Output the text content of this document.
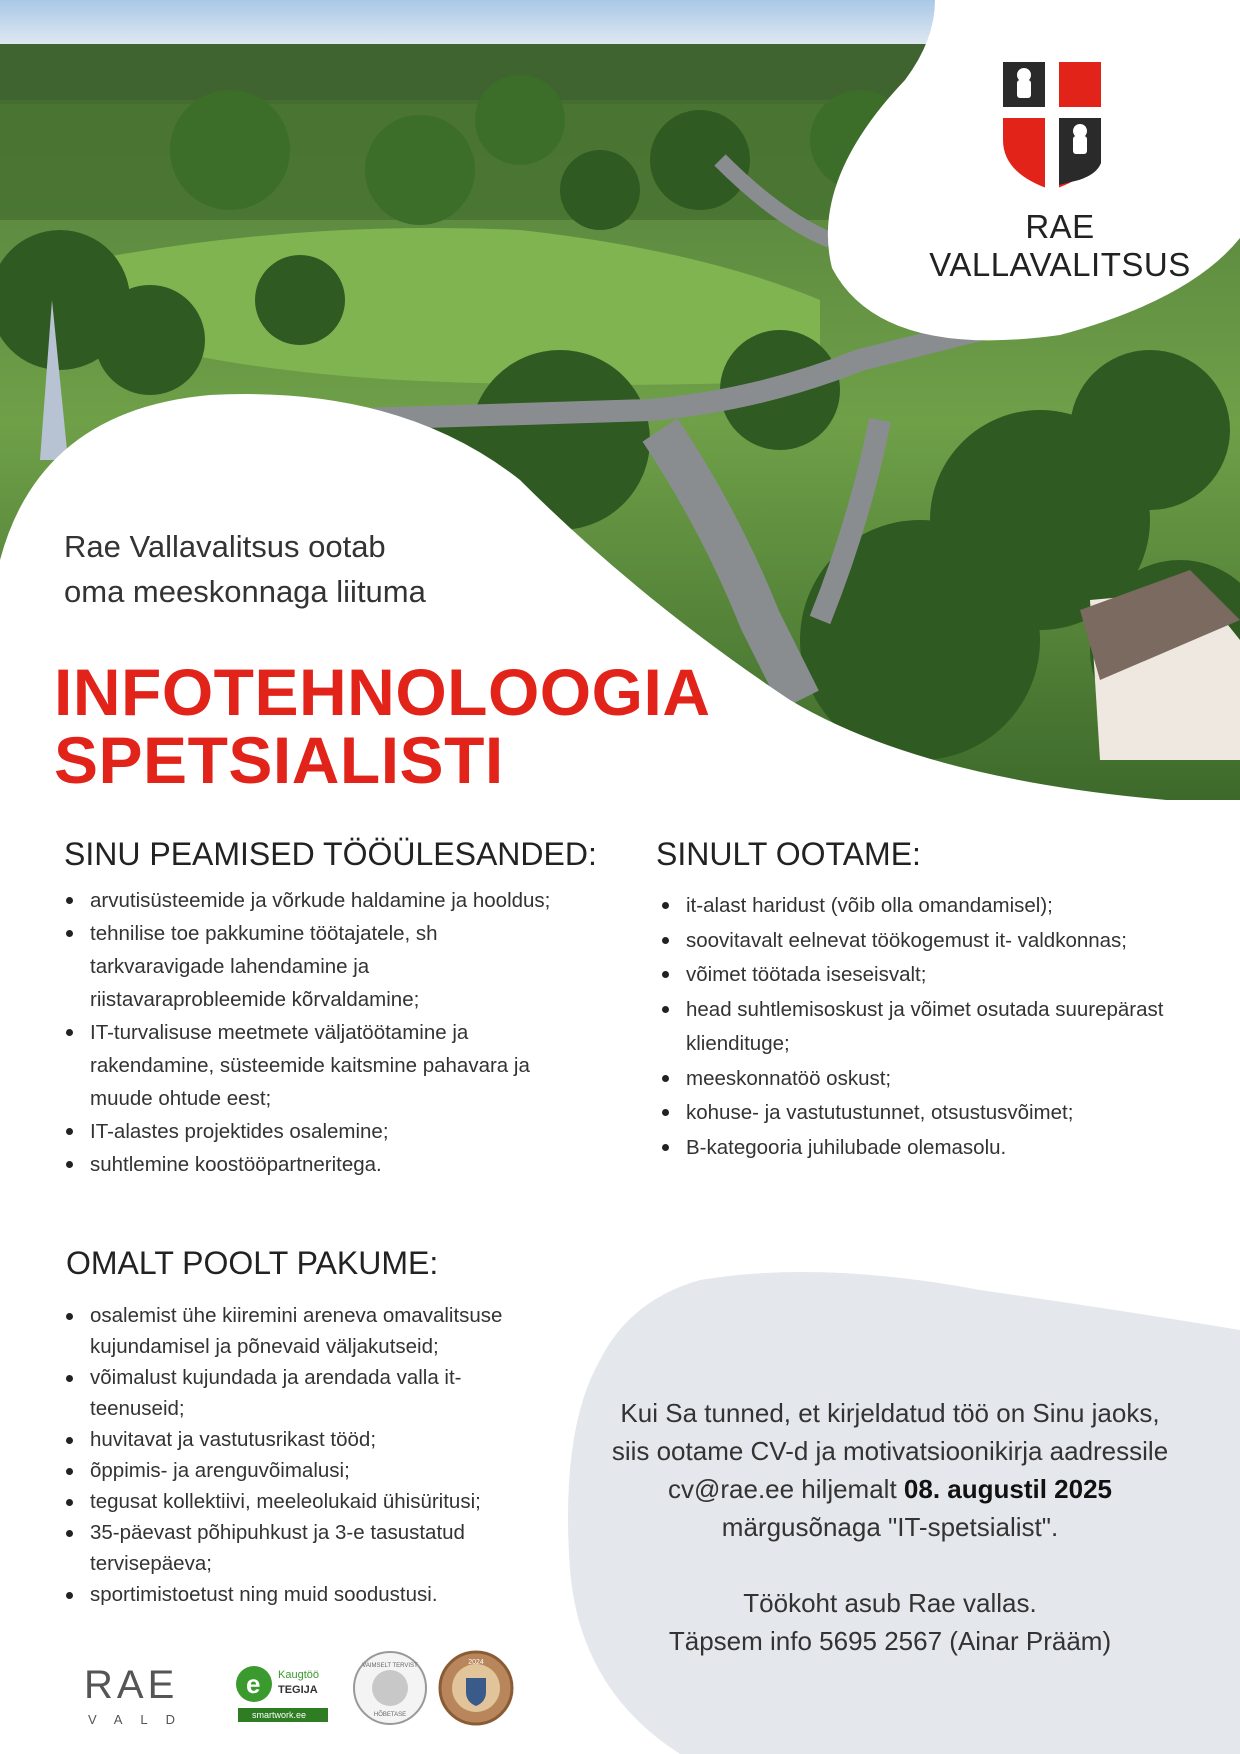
RAE VALLAVALITSUS
Rae Vallavalitsus ootab
oma meeskonnaga liituma
INFOTEHNOLOOGIA
SPETSIALISTI
SINU PEAMISED TÖÖÜLESANDED:
arvutisüsteemide ja võrkude haldamine ja hooldus;
tehnilise toe pakkumine töötajatele, sh tarkvaravigade lahendamine ja riistavaraprobleemide kõrvaldamine;
IT-turvalisuse meetmete väljatöötamine ja rakendamine, süsteemide kaitsmine pahavara ja muude ohtude eest;
IT-alastes projektides osalemine;
suhtlemine koostööpartneritega.
SINULT OOTAME:
it-alast haridust (võib olla omandamisel);
soovitavalt eelnevat töökogemust it- valdkonnas;
võimet töötada iseseisvalt;
head suhtlemisoskust ja võimet osutada suurepärast kliendituge;
meeskonnatöö oskust;
kohuse- ja vastutustunnet, otsustusvõimet;
B-kategooria juhilubade olemasolu.
OMALT POOLT PAKUME:
osalemist ühe kiiremini areneva omavalitsuse kujundamisel ja põnevaid väljakutseid;
võimalust kujundada ja arendada valla it-teenuseid;
huvitavat ja vastutusrikast tööd;
õppimis- ja arenguvõimalusi;
tegusat kollektiivi, meeleolukaid ühisüritusi;
35-päevast põhipuhkust ja 3-e tasustatud tervisepäeva;
sportimistoetust ning muid soodustusi.
Kui Sa tunned, et kirjeldatud töö on Sinu jaoks,
siis ootame CV-d ja motivatsioonikirja aadressile
cv@rae.ee hiljemalt 08. augustil 2025
märgusõnaga "IT-spetsialist".
Töökoht asub Rae vallas.
Täpsem info 5695 2567 (Ainar Prääm)
RAE
VALD
e Kaugtöö
TEGIJA
smartwork.ee
VAIMSELT TERVIST
HÕBETASE
2024
